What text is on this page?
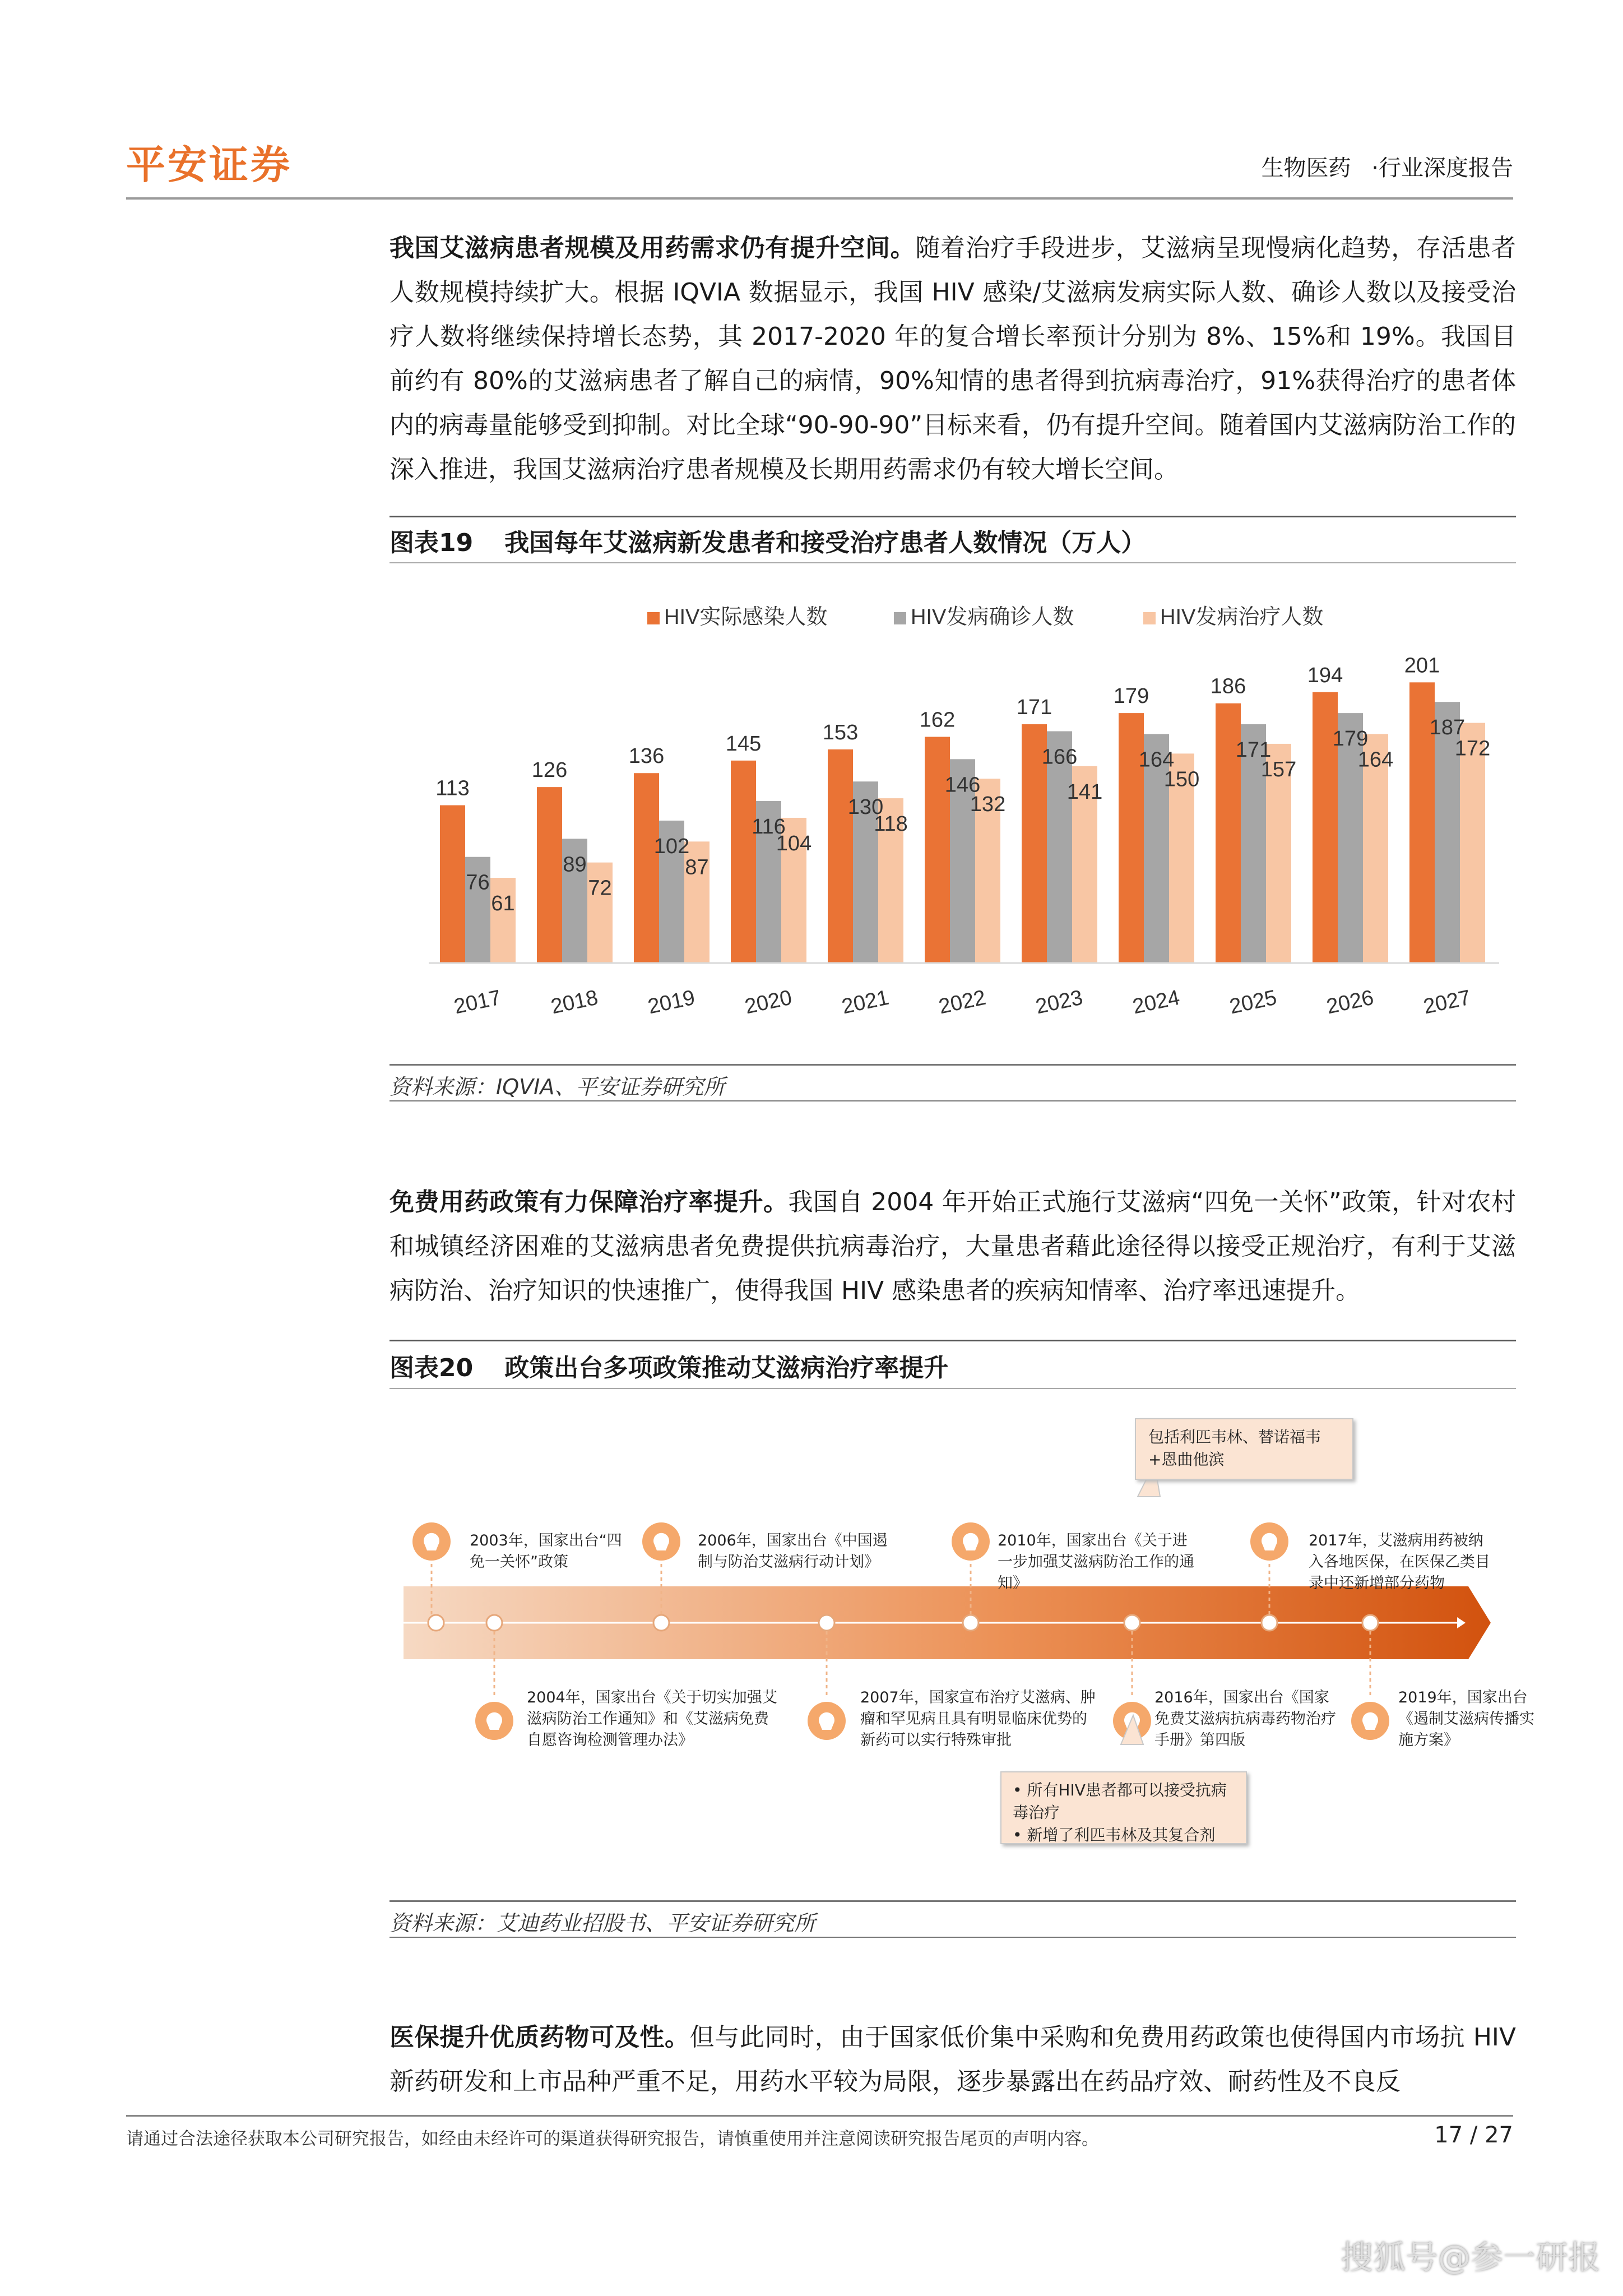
平安证券	生物医药 ·行业深度报告

我国艾滋病患者规模及用药需求仍有提升空间。随着治疗手段进步，艾滋病呈现慢病化趋势，存活患者人数规模持续扩大。根据 IQVIA 数据显示，我国 HIV 感染/艾滋病发病实际人数、确诊人数以及接受治疗人数将继续保持增长态势，其 2017-2020 年的复合增长率预计分别为 8%、15%和 19%。我国目前约有 80%的艾滋病患者了解自己的病情，90%知情的患者得到抗病毒治疗，91%获得治疗的患者体内的病毒量能够受到抑制。对比全球“90-90-90”目标来看，仍有提升空间。随着国内艾滋病防治工作的深入推进，我国艾滋病治疗患者规模及长期用药需求仍有较大增长空间。

图表19 我国每年艾滋病新发患者和接受治疗患者人数情况（万人）
HIV实际感染人数	HIV发病确诊人数	HIV发病治疗人数
113
76
61
126
89
72
136
102
87
145
116
104
153
130
118
162
146
132
171
166
141
179
164
150
186
171
157
194
179
164
201
187
172
2017 2018 2019 2020 2021 2022 2023 2024 2025 2026 2027
资料来源：IQVIA、平安证券研究所

免费用药政策有力保障治疗率提升。我国自 2004 年开始正式施行艾滋病“四免一关怀”政策，针对农村和城镇经济困难的艾滋病患者免费提供抗病毒治疗，大量患者藉此途径得以接受正规治疗，有利于艾滋病防治、治疗知识的快速推广，使得我国 HIV 感染患者的疾病知情率、治疗率迅速提升。

图表20 政策出台多项政策推动艾滋病治疗率提升
2003年，国家出台“四免一关怀”政策
2006年，国家出台《中国遏制与防治艾滋病行动计划》
2010年，国家出台《关于进一步加强艾滋病防治工作的通知》
2017年，艾滋病用药被纳入各地医保，在医保乙类目录中还新增部分药物
2004年，国家出台《关于切实加强艾滋病防治工作通知》和《艾滋病免费自愿咨询检测管理办法》
2007年，国家宣布治疗艾滋病、肿瘤和罕见病且具有明显临床优势的新药可以实行特殊审批
2016年，国家出台《国家免费艾滋病抗病毒药物治疗手册》第四版
2019年，国家出台《遏制艾滋病传播实施方案》
包括利匹韦林、替诺福韦+恩曲他滨
• 所有HIV患者都可以接受抗病毒治疗
• 新增了利匹韦林及其复合剂
资料来源：艾迪药业招股书、平安证券研究所

医保提升优质药物可及性。但与此同时，由于国家低价集中采购和免费用药政策也使得国内市场抗 HIV 新药研发和上市品种严重不足，用药水平较为局限，逐步暴露出在药品疗效、耐药性及不良反

请通过合法途径获取本公司研究报告，如经由未经许可的渠道获得研究报告，请慎重使用并注意阅读研究报告尾页的声明内容。	17 / 27
搜狐号@参一研报
